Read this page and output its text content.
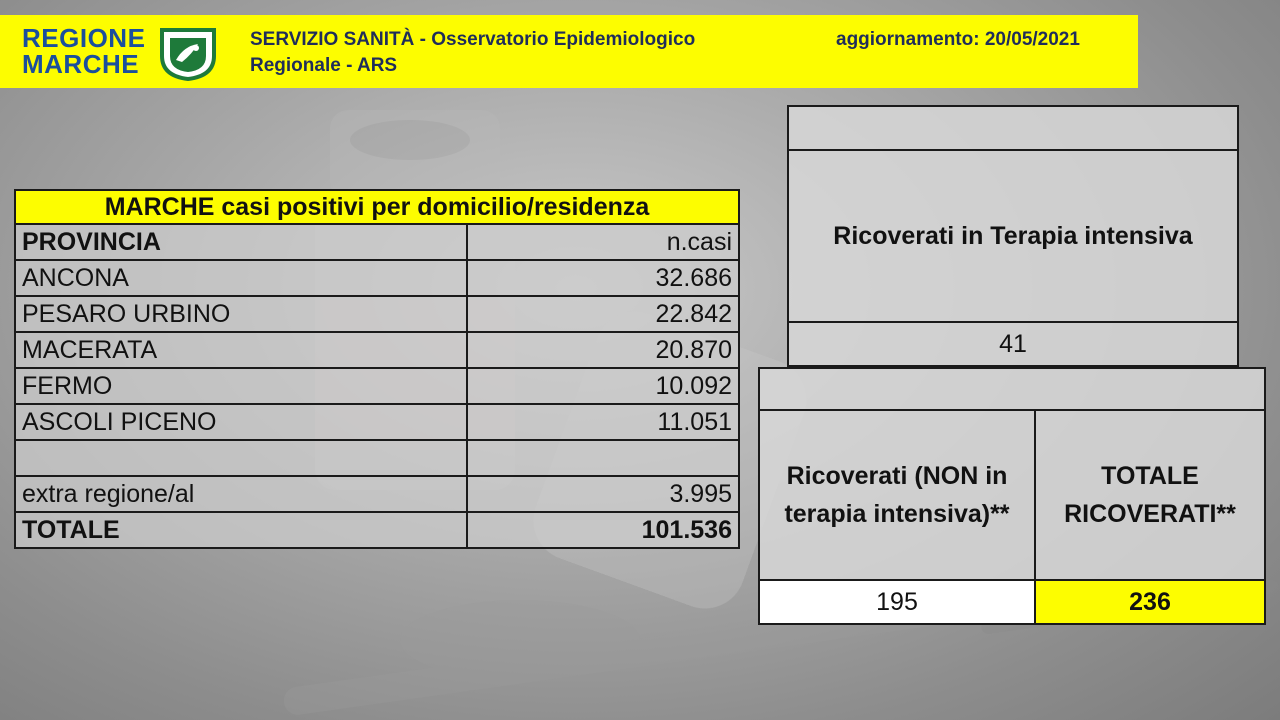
REGIONE
MARCHE
SERVIZIO SANITÀ - Osservatorio Epidemiologico
Regionale - ARS
aggiornamento: 20/05/2021
MARCHE casi positivi per domicilio/residenza	
PROVINCIA	n.casi
ANCONA	32.686
PESARO URBINO	22.842
MACERATA	20.870
FERMO	10.092
ASCOLI PICENO	11.051

extra regione/al	3.995
TOTALE	101.536

Ricoverati in Terapia intensiva
41

Ricoverati (NON in terapia intensiva)**	TOTALE RICOVERATI**
195	236
